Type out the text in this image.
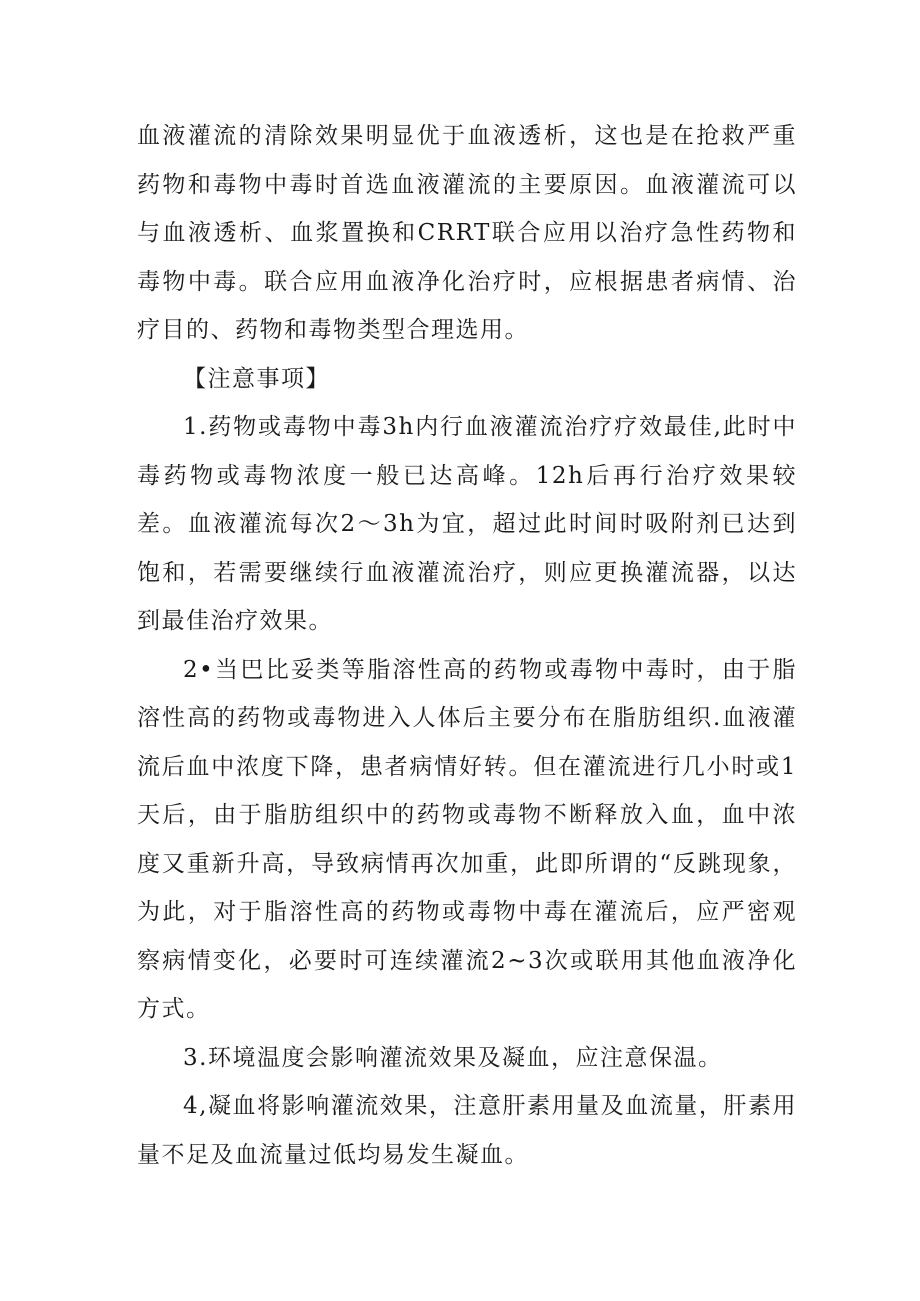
血液灌流的清除效果明显优于血液透析，这也是在抢救严重药物和毒物中毒时首选血液灌流的主要原因。血液灌流可以与血液透析、血浆置换和CRRT联合应用以治疗急性药物和毒物中毒。联合应用血液净化治疗时，应根据患者病情、治疗目的、药物和毒物类型合理选用。

【注意事项】

1.药物或毒物中毒3h内行血液灌流治疗疗效最佳,此时中毒药物或毒物浓度一般已达高峰。12h后再行治疗效果较差。血液灌流每次2～3h为宜，超过此时间时吸附剂已达到饱和，若需要继续行血液灌流治疗，则应更换灌流器，以达到最佳治疗效果。

2•当巴比妥类等脂溶性高的药物或毒物中毒时，由于脂溶性高的药物或毒物进入人体后主要分布在脂肪组织.血液灌流后血中浓度下降，患者病情好转。但在灌流进行几小时或1天后，由于脂肪组织中的药物或毒物不断释放入血，血中浓度又重新升高，导致病情再次加重，此即所谓的“反跳现象，为此，对于脂溶性高的药物或毒物中毒在灌流后，应严密观察病情变化，必要时可连续灌流2~3次或联用其他血液净化方式。

3.环境温度会影响灌流效果及凝血，应注意保温。

4,凝血将影响灌流效果，注意肝素用量及血流量，肝素用量不足及血流量过低均易发生凝血。
